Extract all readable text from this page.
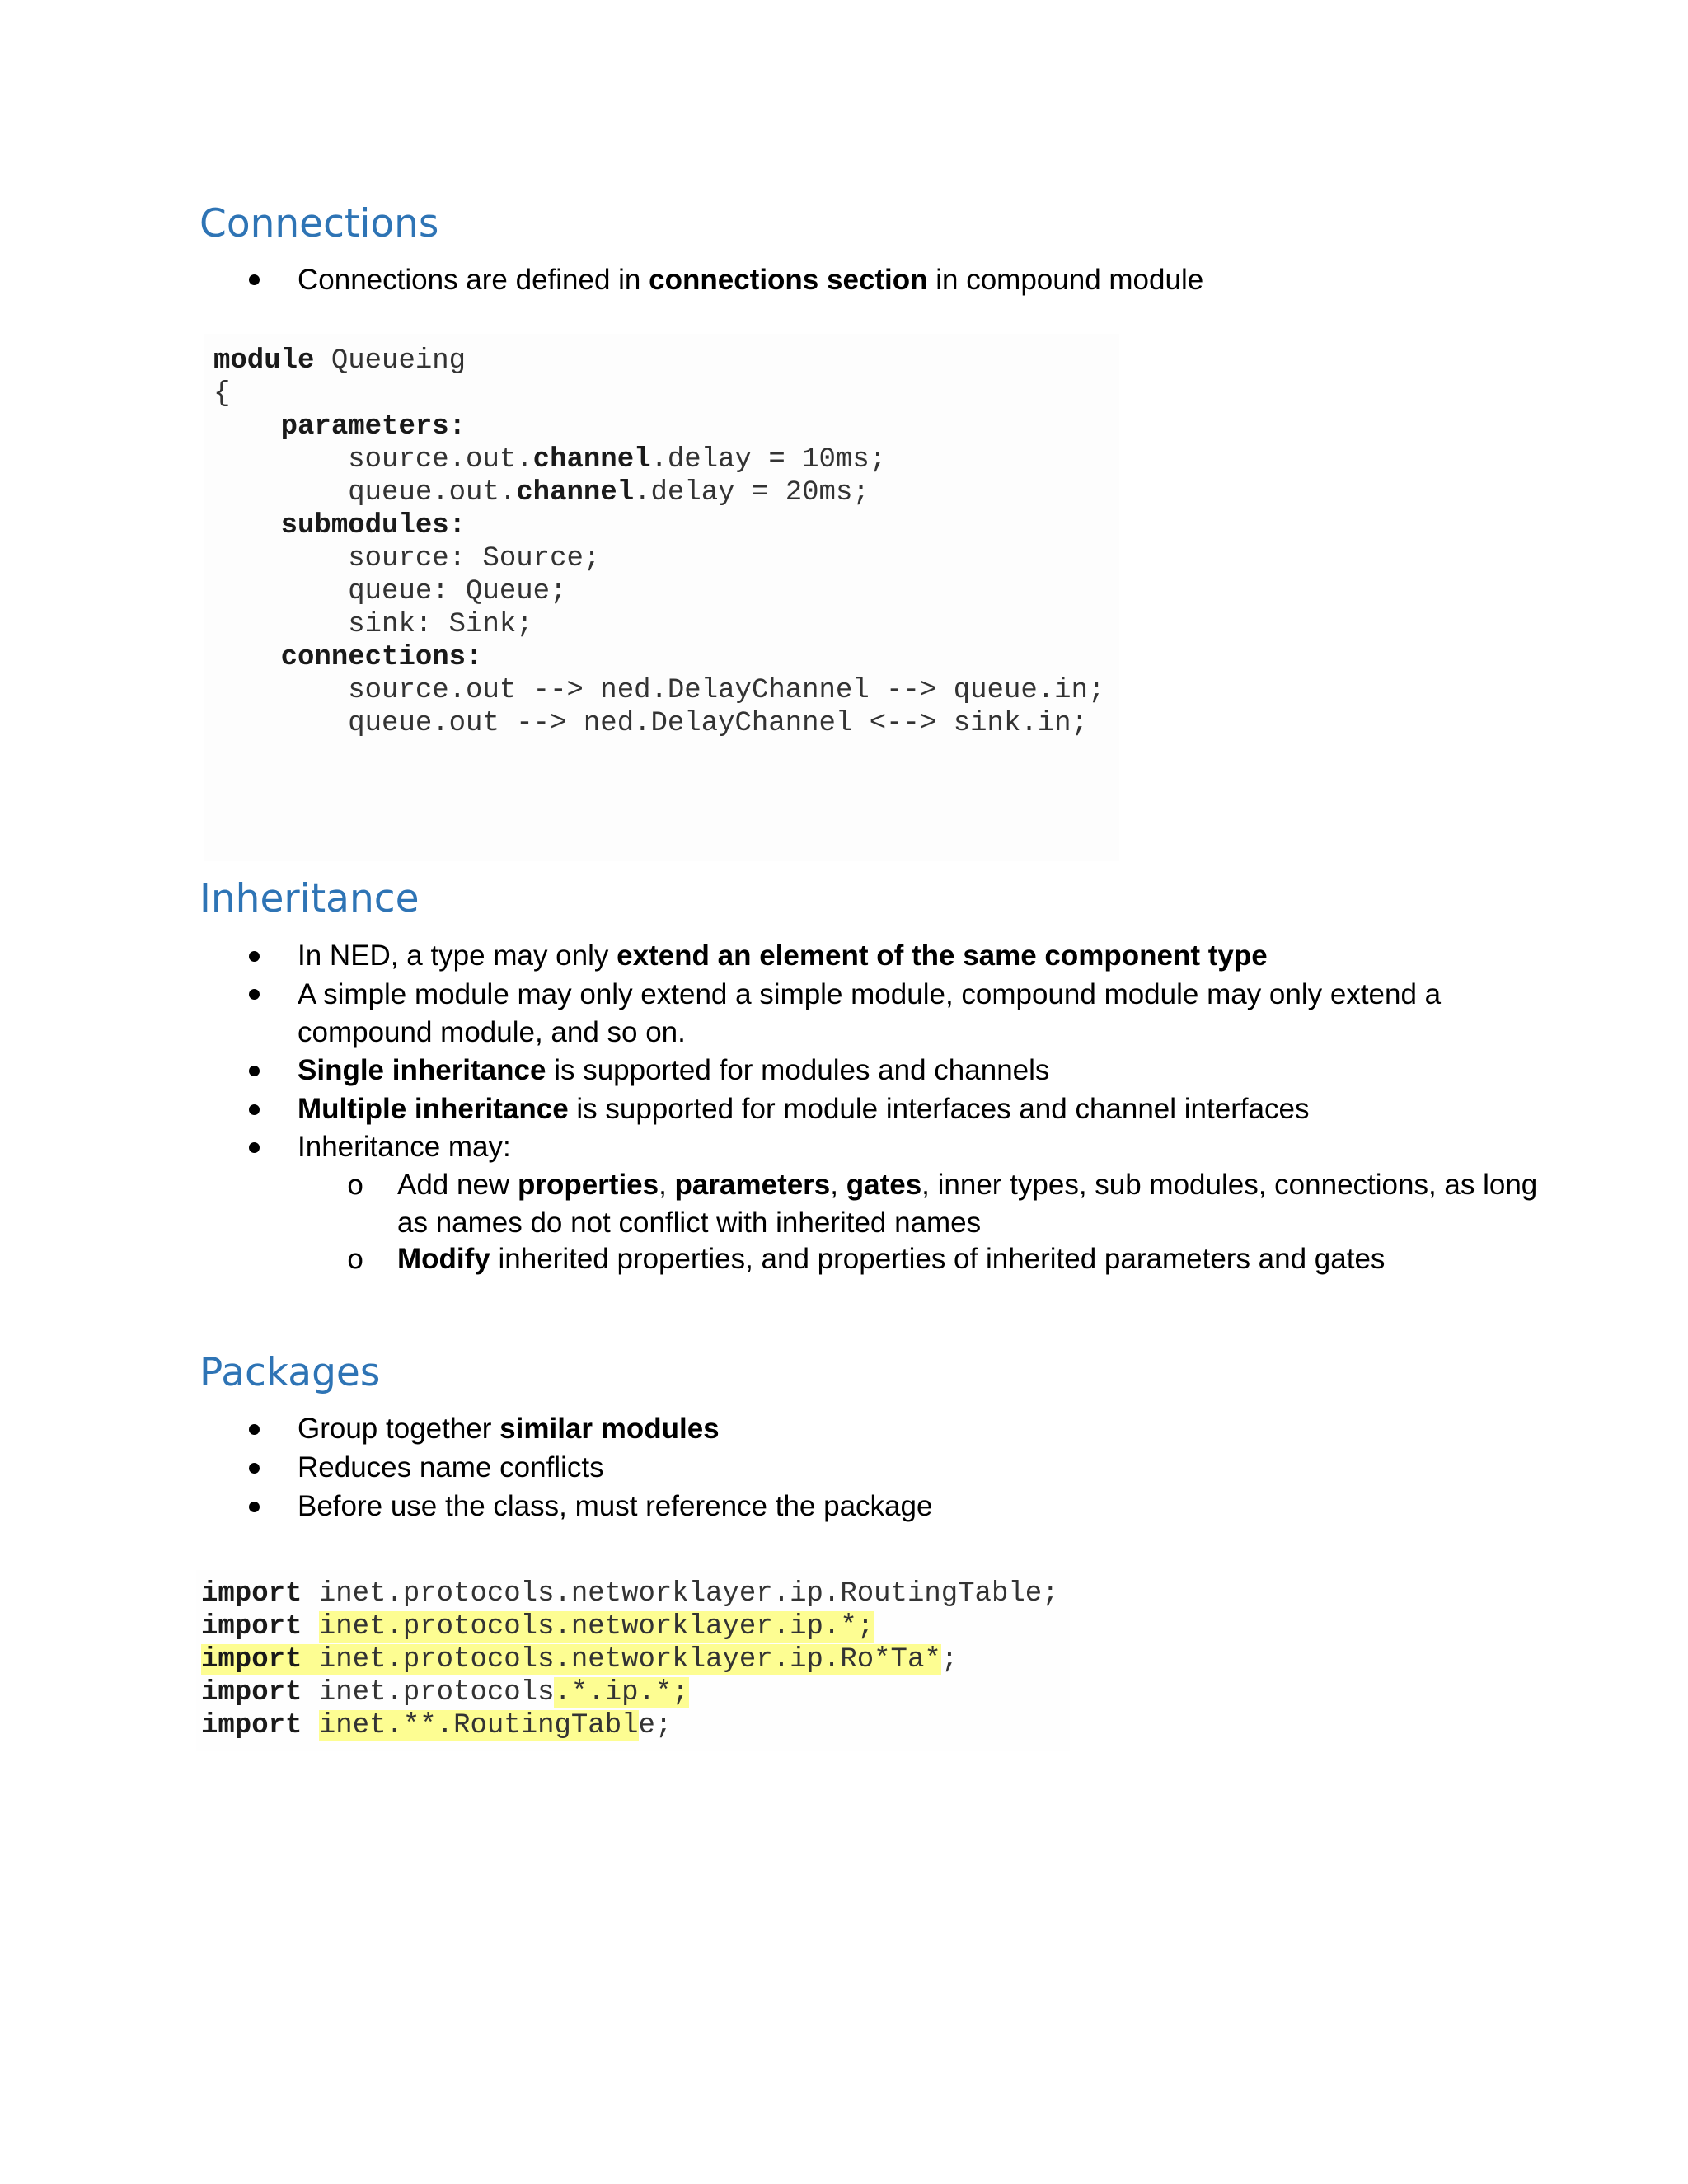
Connections
Connections are defined in connections section in compound module
module Queueing
{
parameters:
source.out.channel.delay = 10ms;
queue.out.channel.delay = 20ms;
submodules:
source: Source;
queue: Queue;
sink: Sink;
connections:
source.out --> ned.DelayChannel --> queue.in;
queue.out --> ned.DelayChannel <--> sink.in;
Inheritance
In NED, a type may only extend an element of the same component type
A simple module may only extend a simple module, compound module may only extend a
compound module, and so on.
Single inheritance is supported for modules and channels
Multiple inheritance is supported for module interfaces and channel interfaces
Inheritance may:
o Add new properties, parameters, gates, inner types, sub modules, connections, as long
as names do not conflict with inherited names
o Modify inherited properties, and properties of inherited parameters and gates
Packages
Group together similar modules
Reduces name conflicts
Before use the class, must reference the package
import inet.protocols.networklayer.ip.RoutingTable;
import inet.protocols.networklayer.ip.*;
import inet.protocols.networklayer.ip.Ro*Ta*;
import inet.protocols.*.ip.*;
import inet.**.RoutingTable;
